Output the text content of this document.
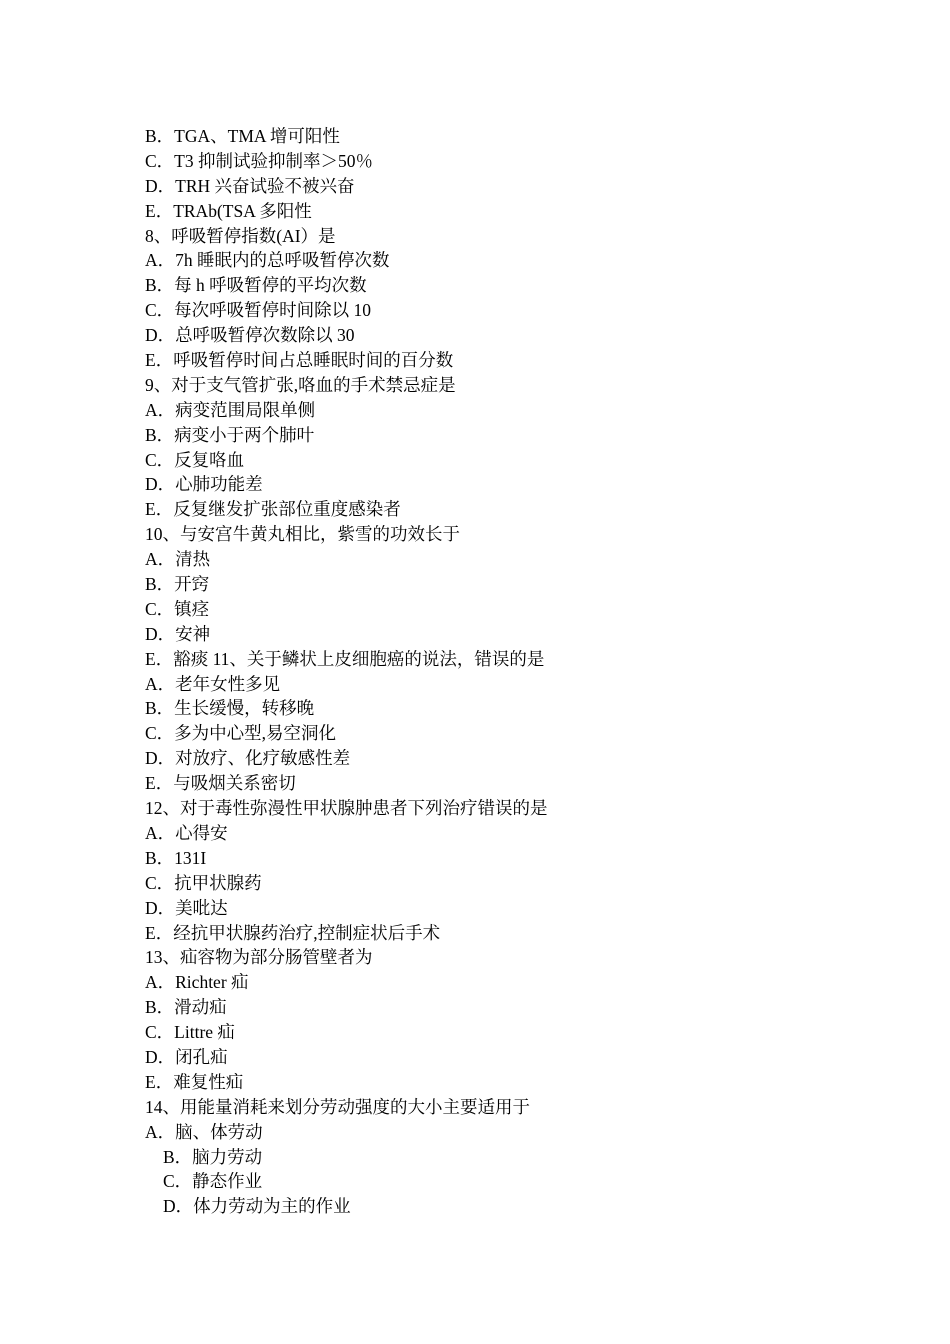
B．TGA、TMA 增可阳性
C．T3 抑制试验抑制率＞50％
D．TRH 兴奋试验不被兴奋
E．TRAb(TSA 多阳性
8、呼吸暂停指数(AI）是
A．7h 睡眠内的总呼吸暂停次数
B．每 h 呼吸暂停的平均次数
C．每次呼吸暂停时间除以 10
D．总呼吸暂停次数除以 30
E．呼吸暂停时间占总睡眠时间的百分数
9、对于支气管扩张,咯血的手术禁忌症是
A．病变范围局限单侧
B．病变小于两个肺叶
C．反复咯血
D．心肺功能差
E．反复继发扩张部位重度感染者
10、与安宫牛黄丸相比，紫雪的功效长于
A．清热
B．开窍
C．镇痉
D．安神
E．豁痰 11、关于鳞状上皮细胞癌的说法，错误的是
A．老年女性多见
B．生长缓慢，转移晚
C．多为中心型,易空洞化
D．对放疗、化疗敏感性差
E．与吸烟关系密切
12、对于毒性弥漫性甲状腺肿患者下列治疗错误的是
A．心得安
B．131I
C．抗甲状腺药
D．美吡达
E．经抗甲状腺药治疗,控制症状后手术
13、疝容物为部分肠管壁者为
A．Richter 疝
B．滑动疝
C．Littre 疝
D．闭孔疝
E．难复性疝
14、用能量消耗来划分劳动强度的大小主要适用于
A．脑、体劳动
B．脑力劳动
C．静态作业
D．体力劳动为主的作业
